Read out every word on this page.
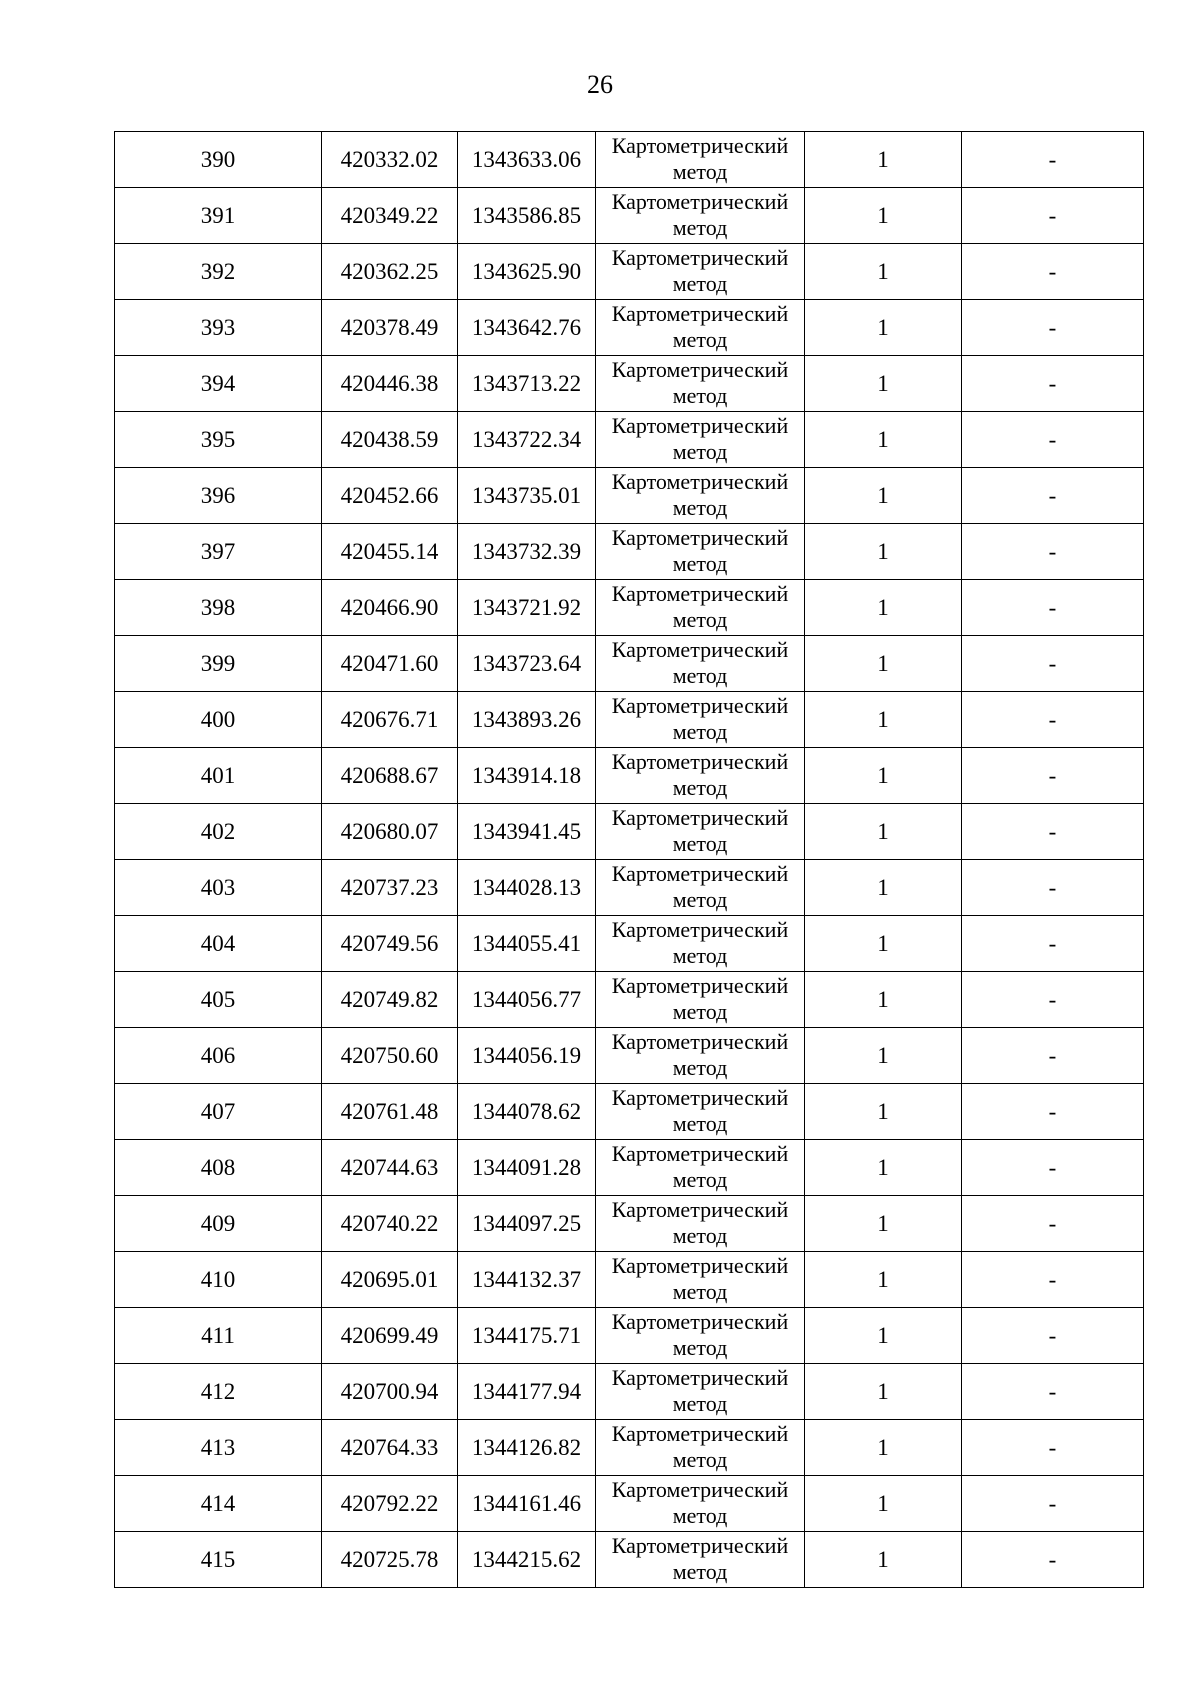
26
390	420332.02	1343633.06	Картометрический метод	1	-
391	420349.22	1343586.85	Картометрический метод	1	-
392	420362.25	1343625.90	Картометрический метод	1	-
393	420378.49	1343642.76	Картометрический метод	1	-
394	420446.38	1343713.22	Картометрический метод	1	-
395	420438.59	1343722.34	Картометрический метод	1	-
396	420452.66	1343735.01	Картометрический метод	1	-
397	420455.14	1343732.39	Картометрический метод	1	-
398	420466.90	1343721.92	Картометрический метод	1	-
399	420471.60	1343723.64	Картометрический метод	1	-
400	420676.71	1343893.26	Картометрический метод	1	-
401	420688.67	1343914.18	Картометрический метод	1	-
402	420680.07	1343941.45	Картометрический метод	1	-
403	420737.23	1344028.13	Картометрический метод	1	-
404	420749.56	1344055.41	Картометрический метод	1	-
405	420749.82	1344056.77	Картометрический метод	1	-
406	420750.60	1344056.19	Картометрический метод	1	-
407	420761.48	1344078.62	Картометрический метод	1	-
408	420744.63	1344091.28	Картометрический метод	1	-
409	420740.22	1344097.25	Картометрический метод	1	-
410	420695.01	1344132.37	Картометрический метод	1	-
411	420699.49	1344175.71	Картометрический метод	1	-
412	420700.94	1344177.94	Картометрический метод	1	-
413	420764.33	1344126.82	Картометрический метод	1	-
414	420792.22	1344161.46	Картометрический метод	1	-
415	420725.78	1344215.62	Картометрический метод	1	-
